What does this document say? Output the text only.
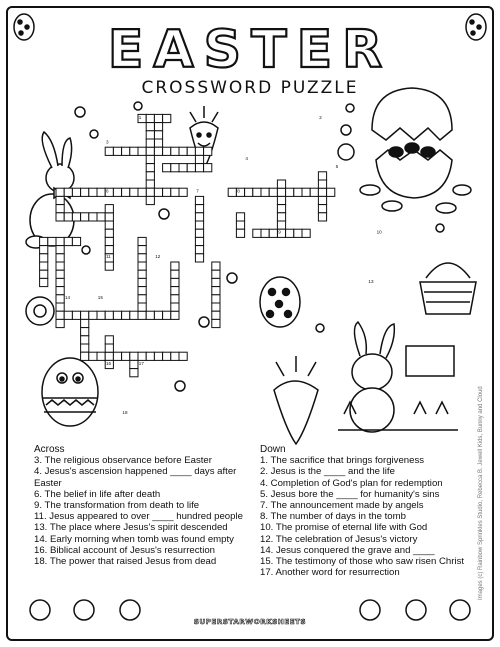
EASTER
CROSSWORD PUZZLE
1	2
3
4
5
6	7	8
9	10
11	12
13
14	15
16	17
18
Across
3. The religious observance before Easter
4. Jesus's ascension happened ____ days after Easter
6. The belief in life after death
9. The transformation from death to life
11. Jesus appeared to over ____ hundred people
13. The place where Jesus's spirit descended
14. Early morning when tomb was found empty
16. Biblical account of Jesus's resurrection
18. The power that raised Jesus from dead
Down
1. The sacrifice that brings forgiveness
2. Jesus is the ____ and the life
4. Completion of God's plan for redemption
5. Jesus bore the ____ for humanity's sins
7. The announcement made by angels
8. The number of days in the tomb
10. The promise of eternal life with God
12. The celebration of Jesus's victory
14. Jesus conquered the grave and ____
15. The testimony of those who saw risen Christ
17. Another word for resurrection
SUPERSTARWORKSHEETS
Images (c) Rainbow Sprinkles Studio, Rebecca B. Jewell Kids, Bunny and Cloud
